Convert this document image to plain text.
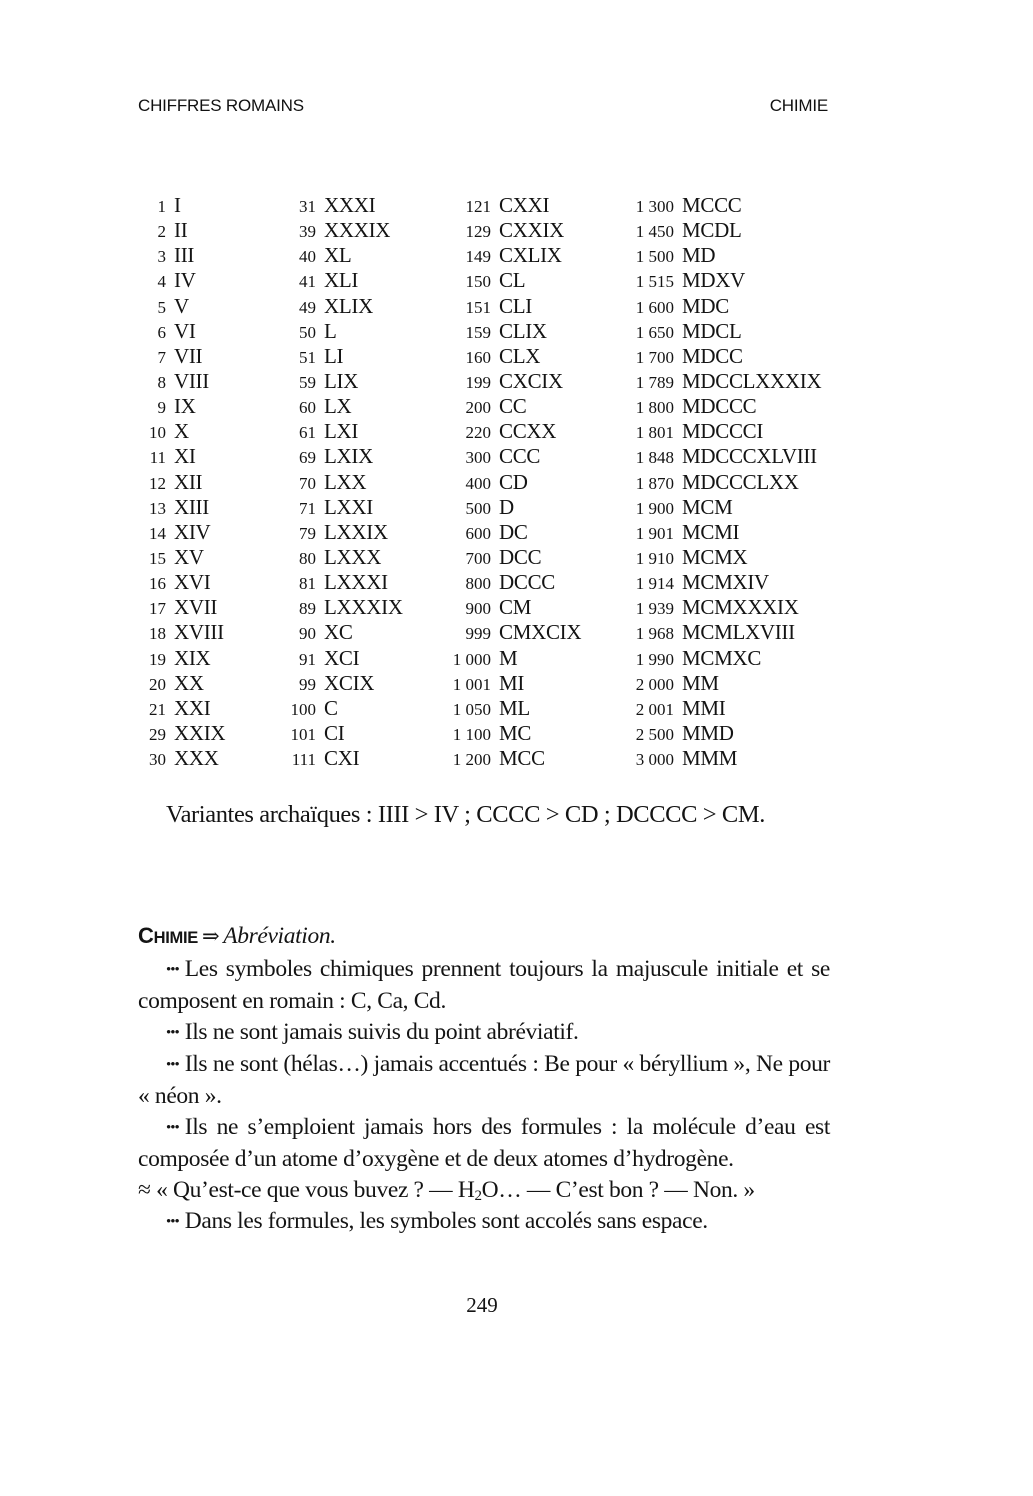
CHIFFRES ROMAINS	CHIMIE
1 I
2 II
3 III
4 IV
5 V
6 VI
7 VII
8 VIII
9 IX
10 X
11 XI
12 XII
13 XIII
14 XIV
15 XV
16 XVI
17 XVII
18 XVIII
19 XIX
20 XX
21 XXI
29 XXIX
30 XXX
31 XXXI
39 XXXIX
40 XL
41 XLI
49 XLIX
50 L
51 LI
59 LIX
60 LX
61 LXI
69 LXIX
70 LXX
71 LXXI
79 LXXIX
80 LXXX
81 LXXXI
89 LXXXIX
90 XC
91 XCI
99 XCIX
100 C
101 CI
111 CXI
121 CXXI
129 CXXIX
149 CXLIX
150 CL
151 CLI
159 CLIX
160 CLX
199 CXCIX
200 CC
220 CCXX
300 CCC
400 CD
500 D
600 DC
700 DCC
800 DCCC
900 CM
999 CMXCIX
1 000 M
1 001 MI
1 050 ML
1 100 MC
1 200 MCC
1 300 MCCC
1 450 MCDL
1 500 MD
1 515 MDXV
1 600 MDC
1 650 MDCL
1 700 MDCC
1 789 MDCCLXXXIX
1 800 MDCCC
1 801 MDCCCI
1 848 MDCCCXLVIII
1 870 MDCCCLXX
1 900 MCM
1 901 MCMI
1 910 MCMX
1 914 MCMXIV
1 939 MCMXXXIX
1 968 MCMLXVIII
1 990 MCMXC
2 000 MM
2 001 MMI
2 500 MMD
3 000 MMM
Variantes archaïques : IIII > IV ; CCCC > CD ; DCCCC > CM.
CHIMIE ⇒ Abréviation.

••• Les symboles chimiques prennent toujours la majuscule initiale et se composent en romain : C, Ca, Cd.

••• Ils ne sont jamais suivis du point abréviatif.

••• Ils ne sont (hélas…) jamais accentués : Be pour « béryllium », Ne pour « néon ».

••• Ils ne s’emploient jamais hors des formules : la molécule d’eau est composée d’un atome d’oxygène et de deux atomes d’hydrogène.

≈ « Qu’est-ce que vous buvez ? — $H_2O\dots$ — C’est bon ? — Non. »

••• Dans les formules, les symboles sont accolés sans espace.

249
